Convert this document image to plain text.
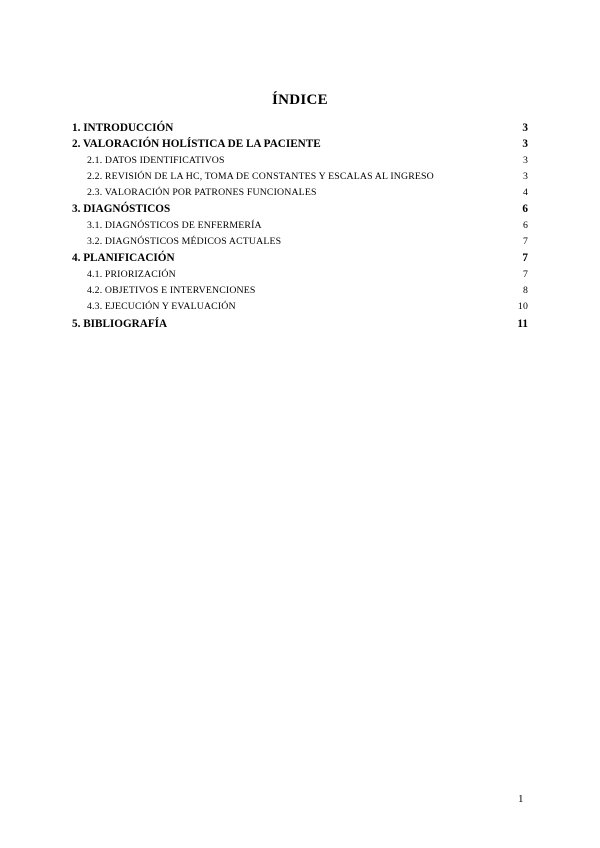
ÍNDICE
1. INTRODUCCIÓN	3
2. VALORACIÓN HOLÍSTICA DE LA PACIENTE	3
2.1. DATOS IDENTIFICATIVOS	3
2.2. REVISIÓN DE LA HC, TOMA DE CONSTANTES Y ESCALAS AL INGRESO	3
2.3. VALORACIÓN POR PATRONES FUNCIONALES	4
3. DIAGNÓSTICOS	6
3.1. DIAGNÓSTICOS DE ENFERMERÍA	6
3.2. DIAGNÓSTICOS MÉDICOS ACTUALES	7
4. PLANIFICACIÓN	7
4.1. PRIORIZACIÓN	7
4.2. OBJETIVOS E INTERVENCIONES	8
4.3. EJECUCIÓN Y EVALUACIÓN	10
5. BIBLIOGRAFÍA	11
1
